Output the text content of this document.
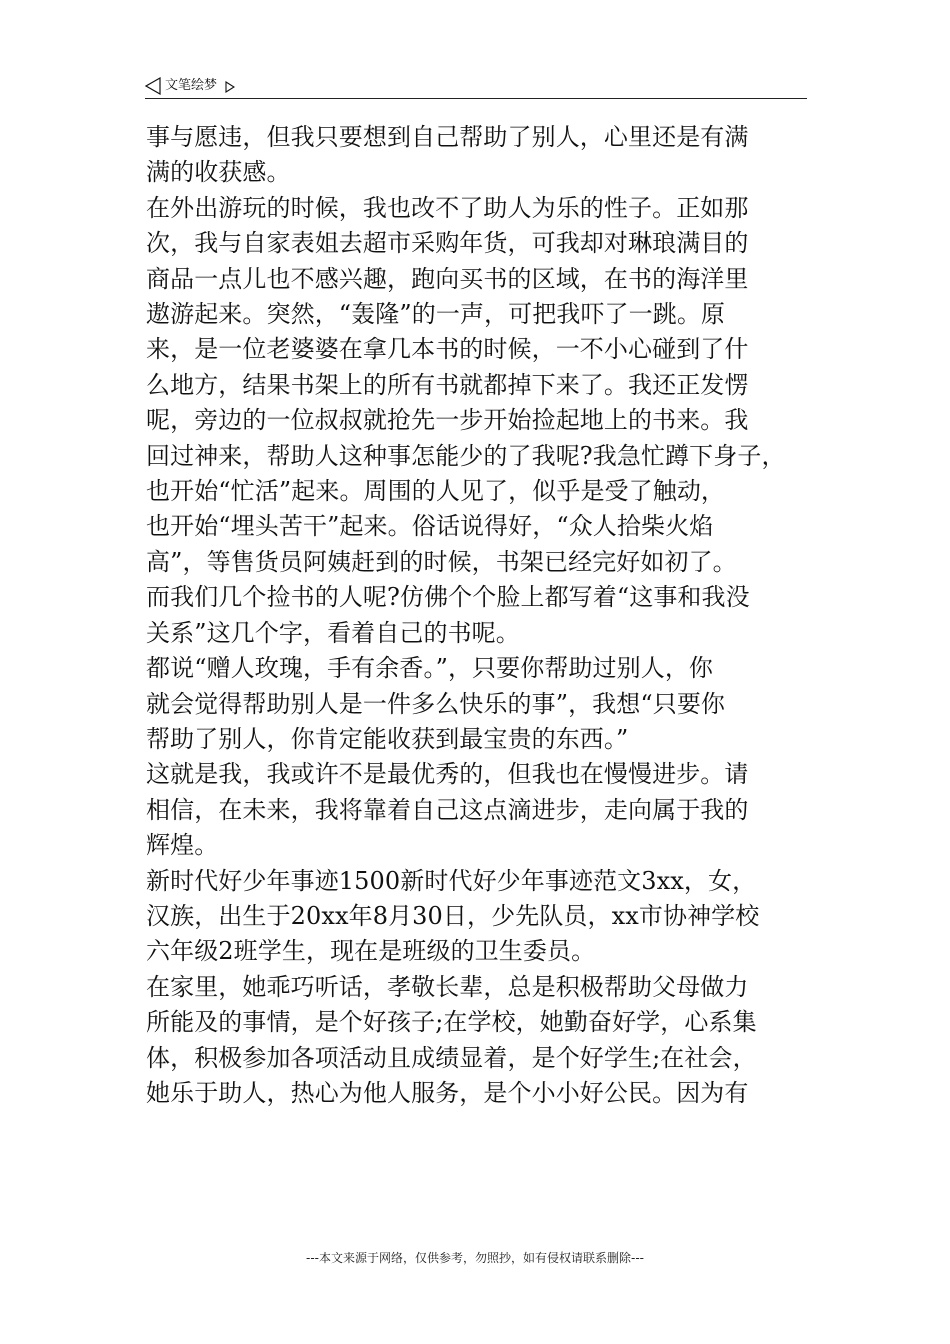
文笔绘梦

事与愿违，但我只要想到自己帮助了别人，心里还是有满

满的收获感。

在外出游玩的时候，我也改不了助人为乐的性子。正如那

次，我与自家表姐去超市采购年货，可我却对琳琅满目的

商品一点儿也不感兴趣，跑向买书的区域，在书的海洋里

遨游起来。突然，“轰隆”的一声，可把我吓了一跳。原

来，是一位老婆婆在拿几本书的时候，一不小心碰到了什

么地方，结果书架上的所有书就都掉下来了。我还正发愣

呢，旁边的一位叔叔就抢先一步开始捡起地上的书来。我

回过神来，帮助人这种事怎能少的了我呢?我急忙蹲下身子，

也开始“忙活”起来。周围的人见了，似乎是受了触动，

也开始“埋头苦干”起来。俗话说得好，“众人拾柴火焰

高”，等售货员阿姨赶到的时候，书架已经完好如初了。

而我们几个捡书的人呢?仿佛个个脸上都写着“这事和我没

关系”这几个字，看着自己的书呢。

都说“赠人玫瑰，手有余香。”，只要你帮助过别人，你

就会觉得帮助别人是一件多么快乐的事”，我想“只要你

帮助了别人，你肯定能收获到最宝贵的东西。”

这就是我，我或许不是最优秀的，但我也在慢慢进步。请

相信，在未来，我将靠着自己这点滴进步，走向属于我的

辉煌。

新时代好少年事迹1500新时代好少年事迹范文3xx，女，

汉族，出生于20xx年8月30日，少先队员，xx市协神学校

六年级2班学生，现在是班级的卫生委员。

在家里，她乖巧听话，孝敬长辈，总是积极帮助父母做力

所能及的事情，是个好孩子;在学校，她勤奋好学，心系集

体，积极参加各项活动且成绩显着，是个好学生;在社会，

她乐于助人，热心为他人服务，是个小小好公民。因为有

---本文来源于网络，仅供参考，勿照抄，如有侵权请联系删除---
